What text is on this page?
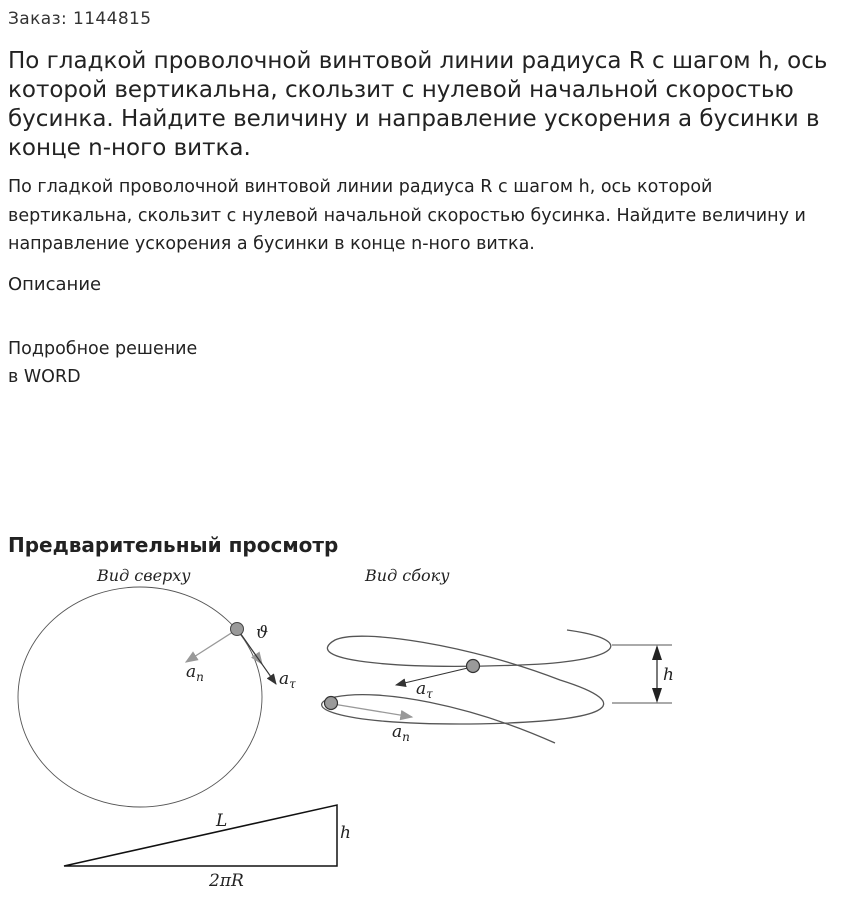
Заказ: 1144815
По гладкой проволочной винтовой линии радиуса R с шагом h, ось которой вертикальна, скользит с нулевой начальной скоростью бусинка. Найдите величину и направление ускорения а бусинки в конце n-ного витка.
По гладкой проволочной винтовой линии радиуса R с шагом h, ось которой вертикальна, скользит с нулевой начальной скоростью бусинка. Найдите величину и направление ускорения а бусинки в конце n-ного витка.
Описание
Подробное решение
в WORD
Предварительный просмотр
Вид сверху
ϑ
$a_n$	$a_\tau$
Вид сбоку
$a_\tau$
$a_n$
h
L
h
2πR
